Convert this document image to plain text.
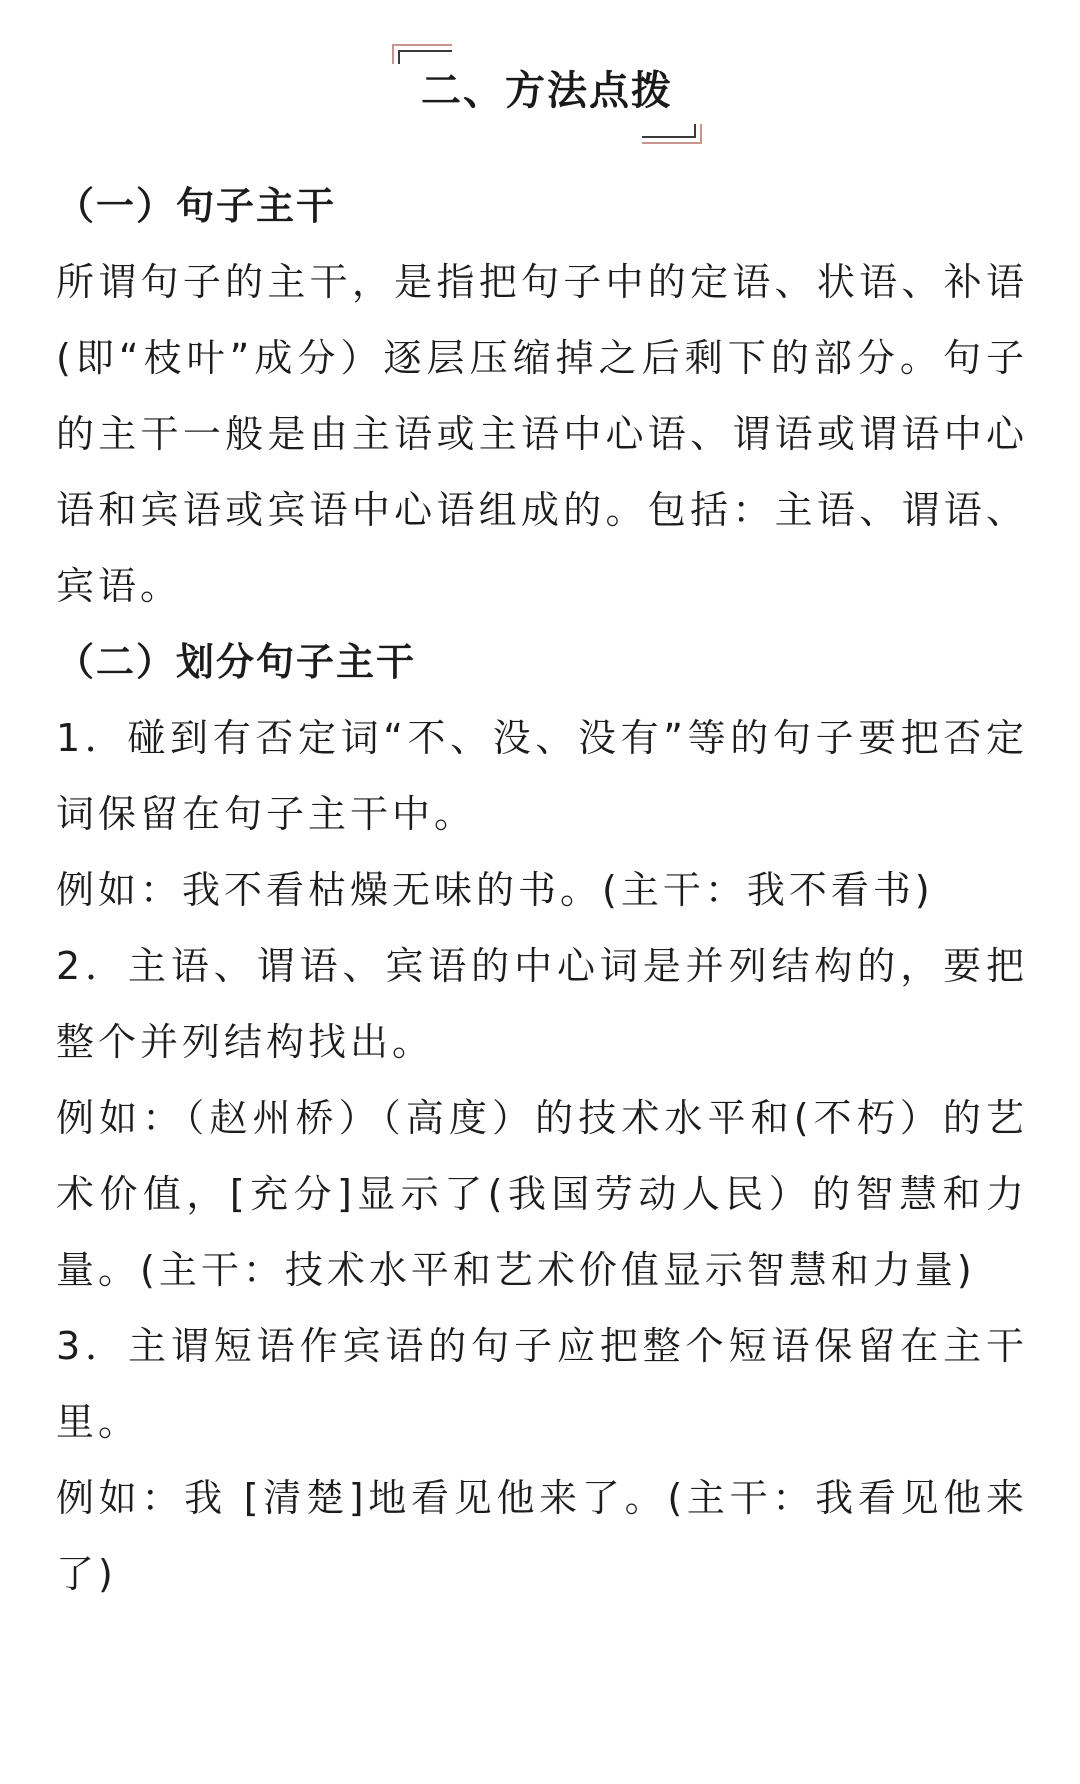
二、方法点拨

（一）句子主干

所谓句子的主干，是指把句子中的定语、状语、补语(即“枝叶”成分）逐层压缩掉之后剩下的部分。句子的主干一般是由主语或主语中心语、谓语或谓语中心语和宾语或宾语中心语组成的。包括：主语、谓语、宾语。

（二）划分句子主干

1．碰到有否定词“不、没、没有”等的句子要把否定词保留在句子主干中。

例如：我不看枯燥无味的书。(主干：我不看书)

2．主语、谓语、宾语的中心词是并列结构的，要把整个并列结构找出。

例如：（赵州桥）（高度）的技术水平和(不朽）的艺术价值，[充分]显示了(我国劳动人民）的智慧和力量。(主干：技术水平和艺术价值显示智慧和力量)

3．主谓短语作宾语的句子应把整个短语保留在主干里。

例如：我 [清楚]地看见他来了。(主干：我看见他来了)
